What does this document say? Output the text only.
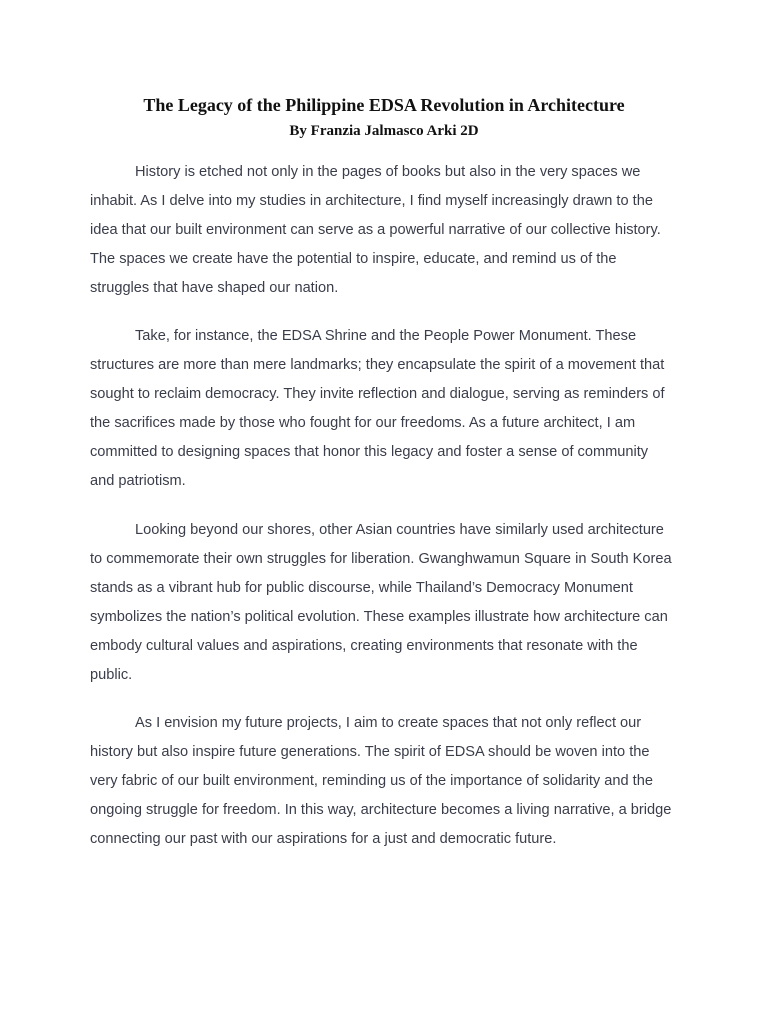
The Legacy of the Philippine EDSA Revolution in Architecture
By Franzia Jalmasco Arki 2D

History is etched not only in the pages of books but also in the very spaces we inhabit. As I delve into my studies in architecture, I find myself increasingly drawn to the idea that our built environment can serve as a powerful narrative of our collective history. The spaces we create have the potential to inspire, educate, and remind us of the struggles that have shaped our nation.

Take, for instance, the EDSA Shrine and the People Power Monument. These structures are more than mere landmarks; they encapsulate the spirit of a movement that sought to reclaim democracy. They invite reflection and dialogue, serving as reminders of the sacrifices made by those who fought for our freedoms. As a future architect, I am committed to designing spaces that honor this legacy and foster a sense of community and patriotism.

Looking beyond our shores, other Asian countries have similarly used architecture to commemorate their own struggles for liberation. Gwanghwamun Square in South Korea stands as a vibrant hub for public discourse, while Thailand’s Democracy Monument symbolizes the nation’s political evolution. These examples illustrate how architecture can embody cultural values and aspirations, creating environments that resonate with the public.

As I envision my future projects, I aim to create spaces that not only reflect our history but also inspire future generations. The spirit of EDSA should be woven into the very fabric of our built environment, reminding us of the importance of solidarity and the ongoing struggle for freedom. In this way, architecture becomes a living narrative, a bridge connecting our past with our aspirations for a just and democratic future.
